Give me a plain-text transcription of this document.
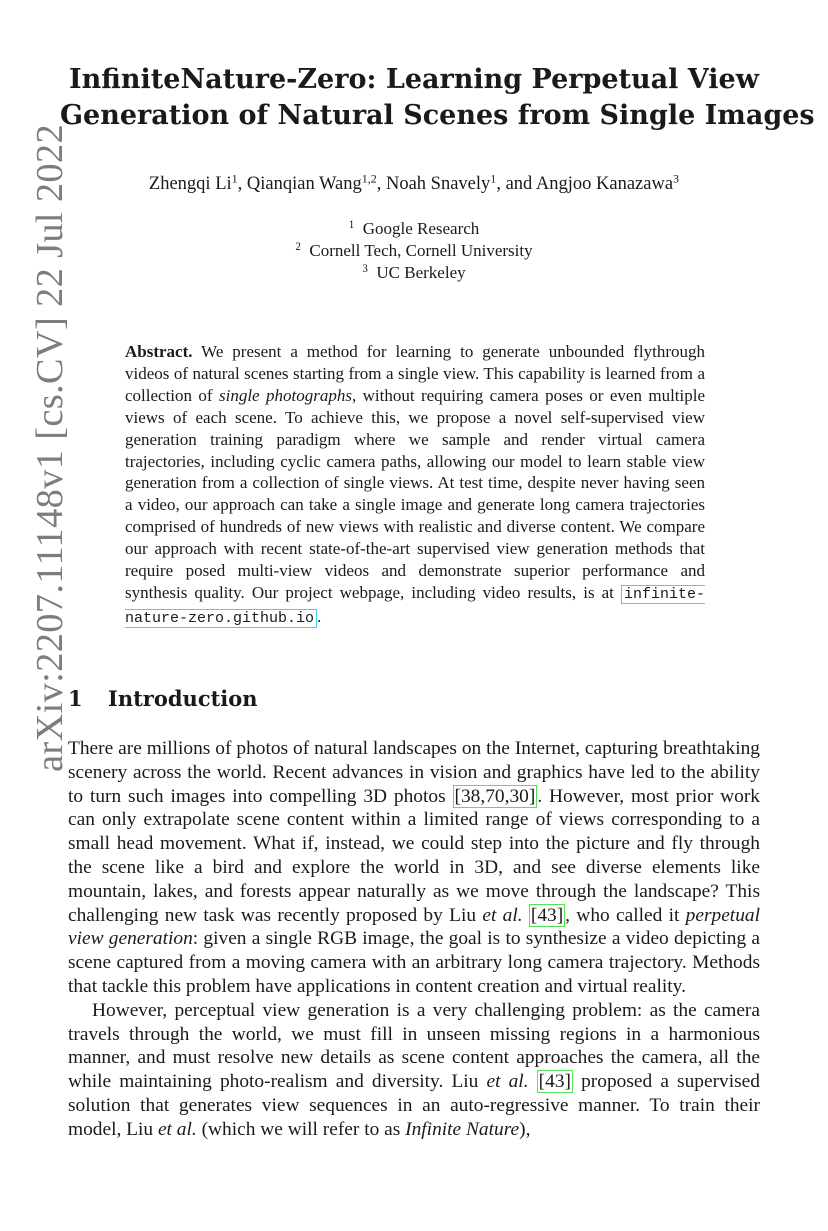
arXiv:2207.11148v1 [cs.CV] 22 Jul 2022
InfiniteNature-Zero: Learning Perpetual View
Generation of Natural Scenes from Single Images
Zhengqi Li$^1$, Qianqian Wang$^{1,2}$, Noah Snavely$^1$, and Angjoo Kanazawa$^3$
$^1$ Google Research
$^2$ Cornell Tech, Cornell University
$^3$ UC Berkeley
Abstract. We present a method for learning to generate unbounded flythrough videos of natural scenes starting from a single view. This capability is learned from a collection of single photographs, without requiring camera poses or even multiple views of each scene. To achieve this, we propose a novel self-supervised view generation training paradigm where we sample and render virtual camera trajectories, including cyclic camera paths, allowing our model to learn stable view generation from a collection of single views. At test time, despite never having seen a video, our approach can take a single image and generate long camera trajectories comprised of hundreds of new views with realistic and diverse content. We compare our approach with recent state-of-the-art supervised view generation methods that require posed multi-view videos and demonstrate superior performance and synthesis quality. Our project webpage, including video results, is at infinite-nature-zero.github.io .
1 Introduction

There are millions of photos of natural landscapes on the Internet, capturing breathtaking scenery across the world. Recent advances in vision and graphics have led to the ability to turn such images into compelling 3D photos [38,70,30] . However, most prior work can only extrapolate scene content within a limited range of views corresponding to a small head movement. What if, instead, we could step into the picture and fly through the scene like a bird and explore the world in 3D, and see diverse elements like mountain, lakes, and forests appear naturally as we move through the landscape? This challenging new task was recently proposed by Liu et al. [43] , who called it perpetual view generation: given a single RGB image, the goal is to synthesize a video depicting a scene captured from a moving camera with an arbitrary long camera trajectory. Methods that tackle this problem have applications in content creation and virtual reality.

However, perceptual view generation is a very challenging problem: as the camera travels through the world, we must fill in unseen missing regions in a harmonious manner, and must resolve new details as scene content approaches the camera, all the while maintaining photo-realism and diversity. Liu et al. [43] proposed a supervised solution that generates view sequences in an auto-regressive manner. To train their model, Liu et al. (which we will refer to as Infinite Nature),
